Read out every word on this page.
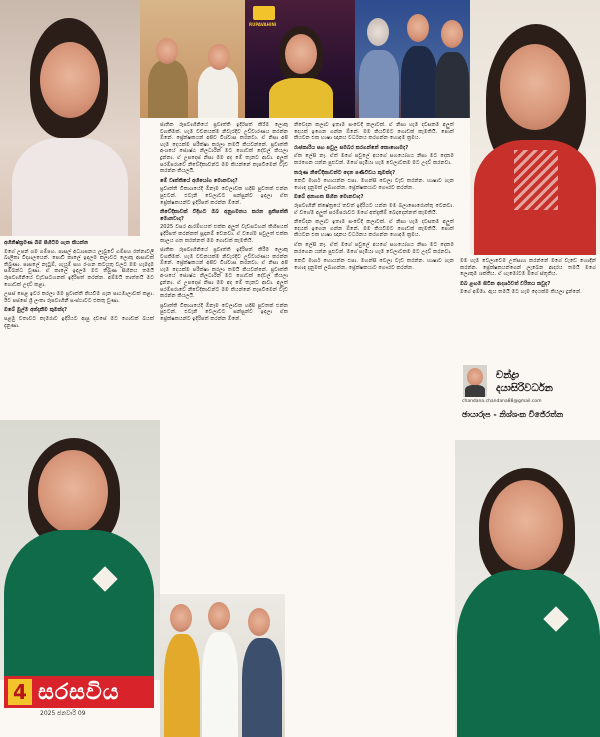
RUPAVAHINI

අභිනිෂ්ක්‍රමණ බිම් පිහිටීම ගැන කියන්න

මගේ උපන් ගම ගම්පහ. පාසල් අධ්‍යාපනය ලැබුවේ ගම්පහ රත්නාවලී බාලිකා විද්‍යාලයෙන්. පොඩි කාලේ ඉඳලම කලාවට ලොකු ආසාවක් තිබුණා. පාසලේ නැටුම්, ගැයුම් සහ රංගන කටයුතු වලට මම හැමදාම සම්බන්ධ වුණා. ඒ කාලේ ඉඳලම මට තිබුණ සිහිනය තමයි රූපවාහිනියේ වැඩසටහනක් ඉදිරිපත් කරන්න. අම්මයි තාත්තයි මට ගොඩක් උදව් කළා.

උසස් පෙළ ඉවර කරලා මම ප්‍රවෘත්ති කියවීම ගැන පාඨමාලාවක් කළා. ඊට පස්සේ ශ්‍රී ලංකා රූපවාහිනී සංස්ථාවට එකතු වුණා.

ඔබේ මුල්ම අත්දැකීම කුමක්ද?

පළමු වතාවට කැමරාව ඉදිරියට ආපු දවසේ මට ගොඩක් බයක් දැනුණා.

ජාතික රූපවාහිනියේ ප්‍රවෘත්ති ඉදිරිපත් කිරීම ලොකු වගකීමක්. හැම වචනයක්ම නිවැරදිව උච්චාරණය කරන්න ඕනේ. ප්‍රේක්ෂකයන් අපිව විශ්වාස කරනවා. ඒ නිසා අපි හැම දෙයක්ම පරීක්ෂා කරලා තමයි කියවන්නේ. ප්‍රවෘත්ති අංශයේ ජ්‍යෙෂ්ඨ නිලධාරීන් මට ගොඩක් දේවල් කියලා දුන්නා. ඒ උපදෙස් නිසා මම අද මේ තැනට ආවා. අලුත් පරම්පරාවේ නිවේදිකාවන්ට මම කියන්නේ කැපවීමෙන් වැඩ කරන්න කියලයි.

මේ වෘත්තියේ අභියෝග මොනවාද?

ප්‍රවෘත්ති විකාශයේදී ඕනෑම වෙලාවක හදිසි පුවතක් එන්න පුළුවන්. එවැනි වෙලාවට සන්සුන්ව ඉඳලා ඒක ප්‍රේක්ෂකයන්ට ඉදිරිපත් කරන්න ඕනේ.

නිවේදිකාවක් විදිහට ඔබ අනුගමනය කරන ප්‍රතිපත්ති මොනවාද?

2025 වසර ආරම්භයත් එක්ක අලුත් වැඩසටහන් කිහිපයක් ඉදිරිපත් කරන්නත් සූදානම් වෙනවා. ඒ වගේම පවුලත් එක්ක කාලය ගත කරන්නත් මම ගොඩක් කැමතියි.

ජාතික රූපවාහිනියේ ප්‍රවෘත්ති ඉදිරිපත් කිරීම ලොකු වගකීමක්. හැම වචනයක්ම නිවැරදිව උච්චාරණය කරන්න ඕනේ. ප්‍රේක්ෂකයන් අපිව විශ්වාස කරනවා. ඒ නිසා අපි හැම දෙයක්ම පරීක්ෂා කරලා තමයි කියවන්නේ. ප්‍රවෘත්ති අංශයේ ජ්‍යෙෂ්ඨ නිලධාරීන් මට ගොඩක් දේවල් කියලා දුන්නා. ඒ උපදෙස් නිසා මම අද මේ තැනට ආවා. අලුත් පරම්පරාවේ නිවේදිකාවන්ට මම කියන්නේ කැපවීමෙන් වැඩ කරන්න කියලයි.

ප්‍රවෘත්ති විකාශයේදී ඕනෑම වෙලාවක හදිසි පුවතක් එන්න පුළුවන්. එවැනි වෙලාවට සන්සුන්ව ඉඳලා ඒක ප්‍රේක්ෂකයන්ට ඉදිරිපත් කරන්න ඕනේ.

නිවේදන කලාව ඉතාම සංවේදී කලාවක්. ඒ නිසා හැම දවසකම අලුත් දෙයක් ඉගෙන ගන්න ඕනේ. මම කියවීමට ගොඩක් කැමතියි. පොත් කියවන එක භාෂා ඥානය වර්ධනය කරගන්න හොඳම ක්‍රමය.

රාජකාරිය සහ පවුල සමබර කරගන්නේ කොහොමද?

ඒක ලේසි නෑ. ඒත් මගේ පවුලේ අයගේ සහයෝගය නිසා මට දෙකම කරගෙන යන්න පුළුවන්. මගේ සැමියා හැම වෙලාවකම මට උදව් කරනවා.

තරුණ නිවේදිකාවන්ට දෙන පණිවිඩය කුමක්ද?

කෙටි මාර්ග හොයන්න එපා. මහන්සි වෙලා වැඩ කරන්න. භාෂාව ගැන හොඳ දැනුමක් ලබාගන්න. ප්‍රේක්ෂකයාට ගෞරව කරන්න.

ඔබේ අනාගත සිහින මොනවාද?

රූපවාහිනී ක්ෂේත්‍රයේ තවත් ඉදිරියට යන්න මම බලාපොරොත්තු වෙනවා. ඒ වගේම අලුත් පරම්පරාවට මගේ අත්දැකීම් බෙදාදෙන්නත් කැමතියි.

නිවේදන කලාව ඉතාම සංවේදී කලාවක්. ඒ නිසා හැම දවසකම අලුත් දෙයක් ඉගෙන ගන්න ඕනේ. මම කියවීමට ගොඩක් කැමතියි. පොත් කියවන එක භාෂා ඥානය වර්ධනය කරගන්න හොඳම ක්‍රමය.

ඒක ලේසි නෑ. ඒත් මගේ පවුලේ අයගේ සහයෝගය නිසා මට දෙකම කරගෙන යන්න පුළුවන්. මගේ සැමියා හැම වෙලාවකම මට උදව් කරනවා.

කෙටි මාර්ග හොයන්න එපා. මහන්සි වෙලා වැඩ කරන්න. භාෂාව ගැන හොඳ දැනුමක් ලබාගන්න. ප්‍රේක්ෂකයාට ගෞරව කරන්න.

මම හැම වෙලාවෙම උත්සාහ කරන්නේ මගේ වැඩේ හොඳින් කරන්න. ප්‍රේක්ෂකයන්ගෙන් ලැබෙන ආදරය තමයි මගේ ලොකුම ශක්තිය. ඒ හැමෝටම මගේ ස්තූතිය.

ඔබ ළඟම සිටින ආදර්ශවත් චරිතය කවුද?

මගේ අම්මා. ඇය තමයි මට හැම දෙයක්ම කියලා දුන්නේ.

චන්ද්‍රා
දයාසිරිවර්ධන
chandana.chandana88@gmail.com
ඡායාරූප - නිශ්ශංක විජේරත්න
4 සරසවිය
2025 ජනවාරි 09
